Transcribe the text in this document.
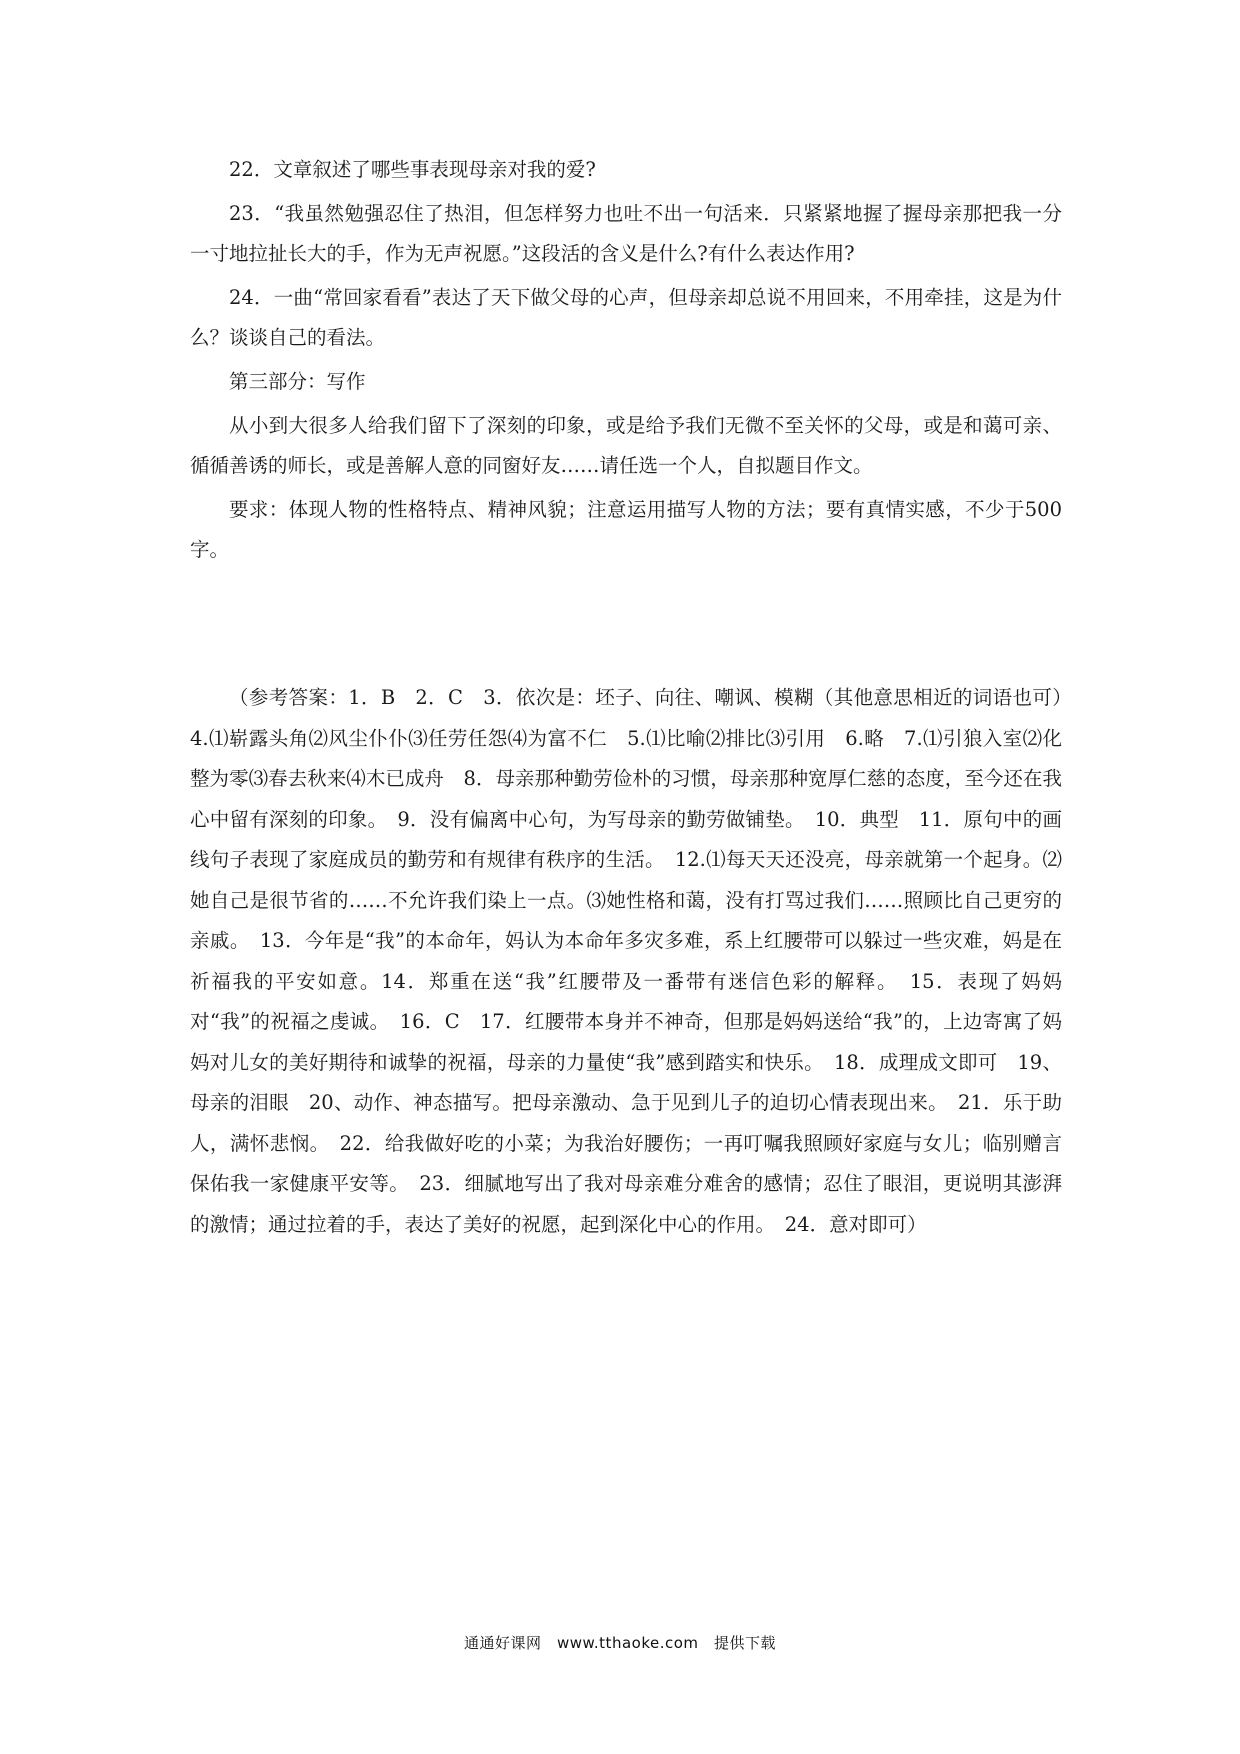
22．文章叙述了哪些事表现母亲对我的爱?

23．“我虽然勉强忍住了热泪，但怎样努力也吐不出一句活来．只紧紧地握了握母亲那把我一分一寸地拉扯长大的手，作为无声祝愿。”这段活的含义是什么?有什么表达作用?

24．一曲“常回家看看”表达了天下做父母的心声，但母亲却总说不用回来，不用牵挂，这是为什么？谈谈自己的看法。

第三部分：写作

从小到大很多人给我们留下了深刻的印象，或是给予我们无微不至关怀的父母，或是和蔼可亲、循循善诱的师长，或是善解人意的同窗好友……请任选一个人，自拟题目作文。

要求：体现人物的性格特点、精神风貌；注意运用描写人物的方法；要有真情实感，不少于500字。

（参考答案：1．B　2．C　3．依次是：坯子、向往、嘲讽、模糊（其他意思相近的词语也可）　4.⑴崭露头角⑵风尘仆仆⑶任劳任怨⑷为富不仁　5.⑴比喻⑵排比⑶引用　6.略　7.⑴引狼入室⑵化整为零⑶春去秋来⑷木已成舟　8．母亲那种勤劳俭朴的习惯，母亲那种宽厚仁慈的态度，至今还在我心中留有深刻的印象。　9．没有偏离中心句，为写母亲的勤劳做铺垫。　10．典型　11．原句中的画线句子表现了家庭成员的勤劳和有规律有秩序的生活。　12.⑴每天天还没亮，母亲就第一个起身。⑵她自己是很节省的……不允许我们染上一点。⑶她性格和蔼，没有打骂过我们……照顾比自己更穷的亲戚。　13．今年是“我”的本命年，妈认为本命年多灾多难，系上红腰带可以躲过一些灾难，妈是在祈福我的平安如意。14．郑重在送“我”红腰带及一番带有迷信色彩的解释。　15．表现了妈妈对“我”的祝福之虔诚。　16．C　17．红腰带本身并不神奇，但那是妈妈送给“我”的，上边寄寓了妈妈对儿女的美好期待和诚挚的祝福，母亲的力量使“我”感到踏实和快乐。　18．成理成文即可　19、母亲的泪眼　20、动作、神态描写。把母亲激动、急于见到儿子的迫切心情表现出来。　21．乐于助人，满怀悲悯。　22．给我做好吃的小菜；为我治好腰伤；一再叮嘱我照顾好家庭与女儿；临别赠言保佑我一家健康平安等。　23．细腻地写出了我对母亲难分难舍的感情；忍住了眼泪，更说明其澎湃的激情；通过拉着的手，表达了美好的祝愿，起到深化中心的作用。　24．意对即可）

通通好课网　www.tthaoke.com　提供下载
